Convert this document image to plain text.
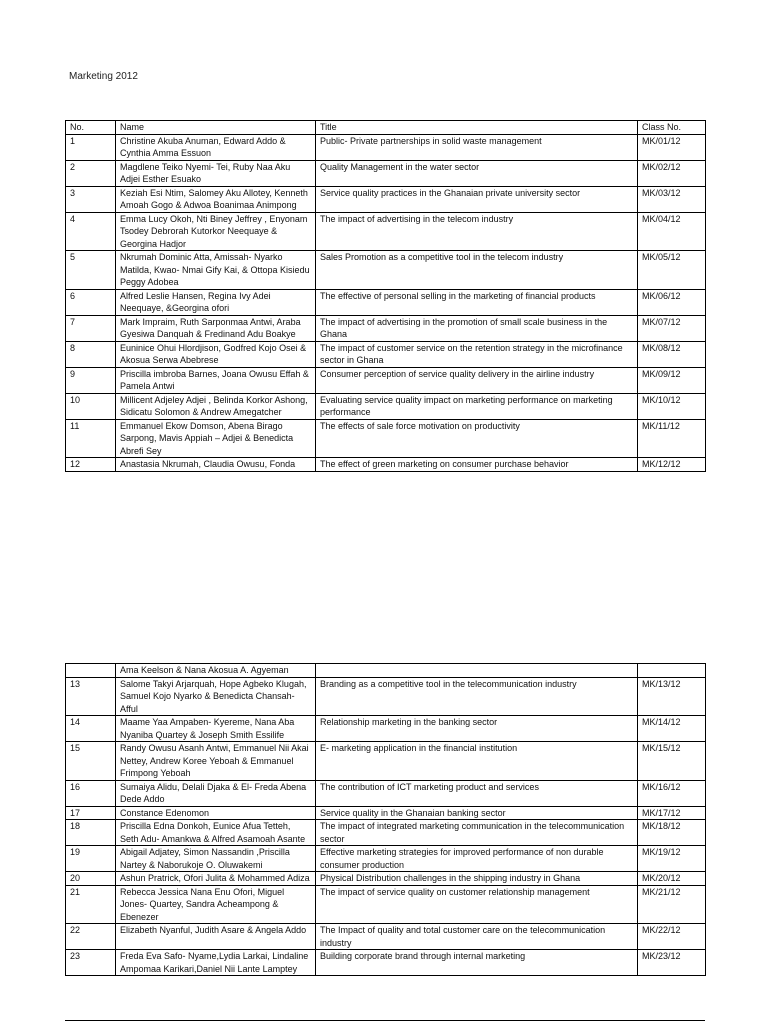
Marketing 2012
No.	Name	Title	Class No.
1	Christine Akuba Anuman, Edward Addo & Cynthia Amma Essuon	Public- Private partnerships in solid waste management	MK/01/12
2	Magdlene Teiko Nyemi- Tei, Ruby Naa Aku Adjei Esther Esuako	Quality Management in the water sector	MK/02/12
3	Keziah Esi Ntim, Salomey Aku Allotey, Kenneth Amoah Gogo & Adwoa Boanimaa Animpong	Service quality practices in the Ghanaian private university sector	MK/03/12
4	Emma Lucy Okoh, Nti Biney Jeffrey , Enyonam Tsodey Debrorah Kutorkor Neequaye & Georgina Hadjor	The impact of advertising in the telecom industry	MK/04/12
5	Nkrumah Dominic Atta, Amissah- Nyarko Matilda, Kwao- Nmai Gify Kai, & Ottopa Kisiedu Peggy Adobea	Sales Promotion as a competitive tool in the telecom industry	MK/05/12
6	Alfred Leslie Hansen, Regina Ivy Adei Neequaye, &Georgina ofori	The effective of personal selling in the marketing of financial products	MK/06/12
7	Mark Impraim, Ruth Sarponmaa Antwi, Araba Gyesiwa Danquah & Fredinand Adu Boakye	The impact of advertising in the promotion of small scale business in the Ghana	MK/07/12
8	Euninice Ohui Hlordjison, Godfred Kojo Osei & Akosua Serwa Abebrese	The impact of customer service on the retention strategy in the microfinance sector in Ghana	MK/08/12
9	Priscilla imbroba Barnes, Joana Owusu Effah & Pamela Antwi	Consumer perception of service quality delivery in the airline industry	MK/09/12
10	Millicent Adjeley Adjei , Belinda Korkor Ashong, Sidicatu Solomon & Andrew Amegatcher	Evaluating service quality impact on marketing performance on marketing performance	MK/10/12
11	Emmanuel Ekow Domson, Abena Birago Sarpong, Mavis Appiah – Adjei & Benedicta Abrefi Sey	The effects of sale force motivation on productivity	MK/11/12
12	Anastasia Nkrumah, Claudia Owusu, Fonda	The effect of green marketing on consumer purchase behavior	MK/12/12
	Ama Keelson & Nana Akosua A. Agyeman		
13	Salome Takyi Arjarquah, Hope Agbeko Klugah, Samuel Kojo Nyarko & Benedicta Chansah- Afful	Branding as a competitive tool in the telecommunication industry	MK/13/12
14	Maame Yaa Ampaben- Kyereme, Nana Aba Nyaniba Quartey & Joseph Smith Essilife	Relationship marketing in the banking sector	MK/14/12
15	Randy Owusu Asanh Antwi, Emmanuel Nii Akai Nettey, Andrew Koree Yeboah & Emmanuel Frimpong Yeboah	E- marketing application in the financial institution	MK/15/12
16	Sumaiya Alidu, Delali Djaka & El- Freda Abena Dede Addo	The contribution of ICT marketing product and services	MK/16/12
17	Constance Edenomon	Service quality in the Ghanaian banking sector	MK/17/12
18	Priscilla Edna Donkoh, Eunice Afua Tetteh, Seth Adu- Amankwa & Alfred Asamoah Asante	The impact of integrated marketing communication in the telecommunication sector	MK/18/12
19	Abigail Adjatey, Simon Nassandin ,Priscilla Nartey & Naborukoje O. Oluwakemi	Effective marketing strategies for improved performance of non durable consumer production	MK/19/12
20	Ashun Pratrick, Ofori Julita & Mohammed Adiza	Physical Distribution challenges in the shipping industry in Ghana	MK/20/12
21	Rebecca Jessica Nana Enu Ofori, Miguel Jones- Quartey, Sandra Acheampong & Ebenezer	The impact of service quality on customer relationship management	MK/21/12
22	Elizabeth Nyanful, Judith Asare & Angela Addo	The Impact of quality and total customer care on the telecommunication industry	MK/22/12
23	Freda Eva Safo- Nyame,Lydia Larkai, Lindaline Ampomaa Karikari,Daniel Nii Lante Lamptey	Building corporate brand through internal marketing	MK/23/12
